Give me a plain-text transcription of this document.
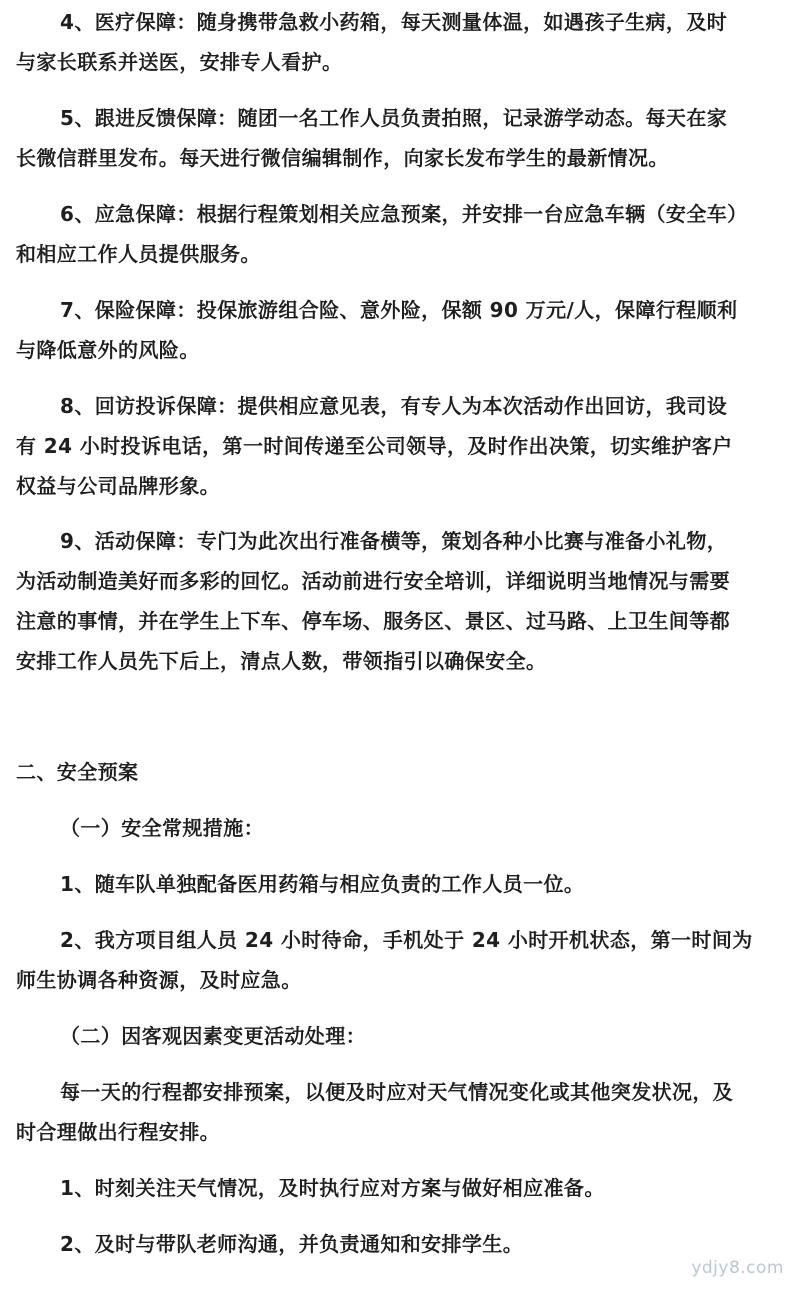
4、医疗保障：随身携带急救小药箱，每天测量体温，如遇孩子生病，及时
与家长联系并送医，安排专人看护。
5、跟进反馈保障：随团一名工作人员负责拍照，记录游学动态。每天在家
长微信群里发布。每天进行微信编辑制作，向家长发布学生的最新情况。
6、应急保障：根据行程策划相关应急预案，并安排一台应急车辆（安全车）
和相应工作人员提供服务。
7、保险保障：投保旅游组合险、意外险，保额 90 万元/人，保障行程顺利
与降低意外的风险。
8、回访投诉保障：提供相应意见表，有专人为本次活动作出回访，我司设
有 24 小时投诉电话，第一时间传递至公司领导，及时作出决策，切实维护客户
权益与公司品牌形象。
9、活动保障：专门为此次出行准备横等，策划各种小比赛与准备小礼物，
为活动制造美好而多彩的回忆。活动前进行安全培训，详细说明当地情况与需要
注意的事情，并在学生上下车、停车场、服务区、景区、过马路、上卫生间等都
安排工作人员先下后上，清点人数，带领指引以确保安全。
二、安全预案
（一）安全常规措施：
1、随车队单独配备医用药箱与相应负责的工作人员一位。
2、我方项目组人员 24 小时待命，手机处于 24 小时开机状态，第一时间为
师生协调各种资源，及时应急。
（二）因客观因素变更活动处理：
每一天的行程都安排预案，以便及时应对天气情况变化或其他突发状况，及
时合理做出行程安排。
1、时刻关注天气情况，及时执行应对方案与做好相应准备。
2、及时与带队老师沟通，并负责通知和安排学生。
ydjy8.com
